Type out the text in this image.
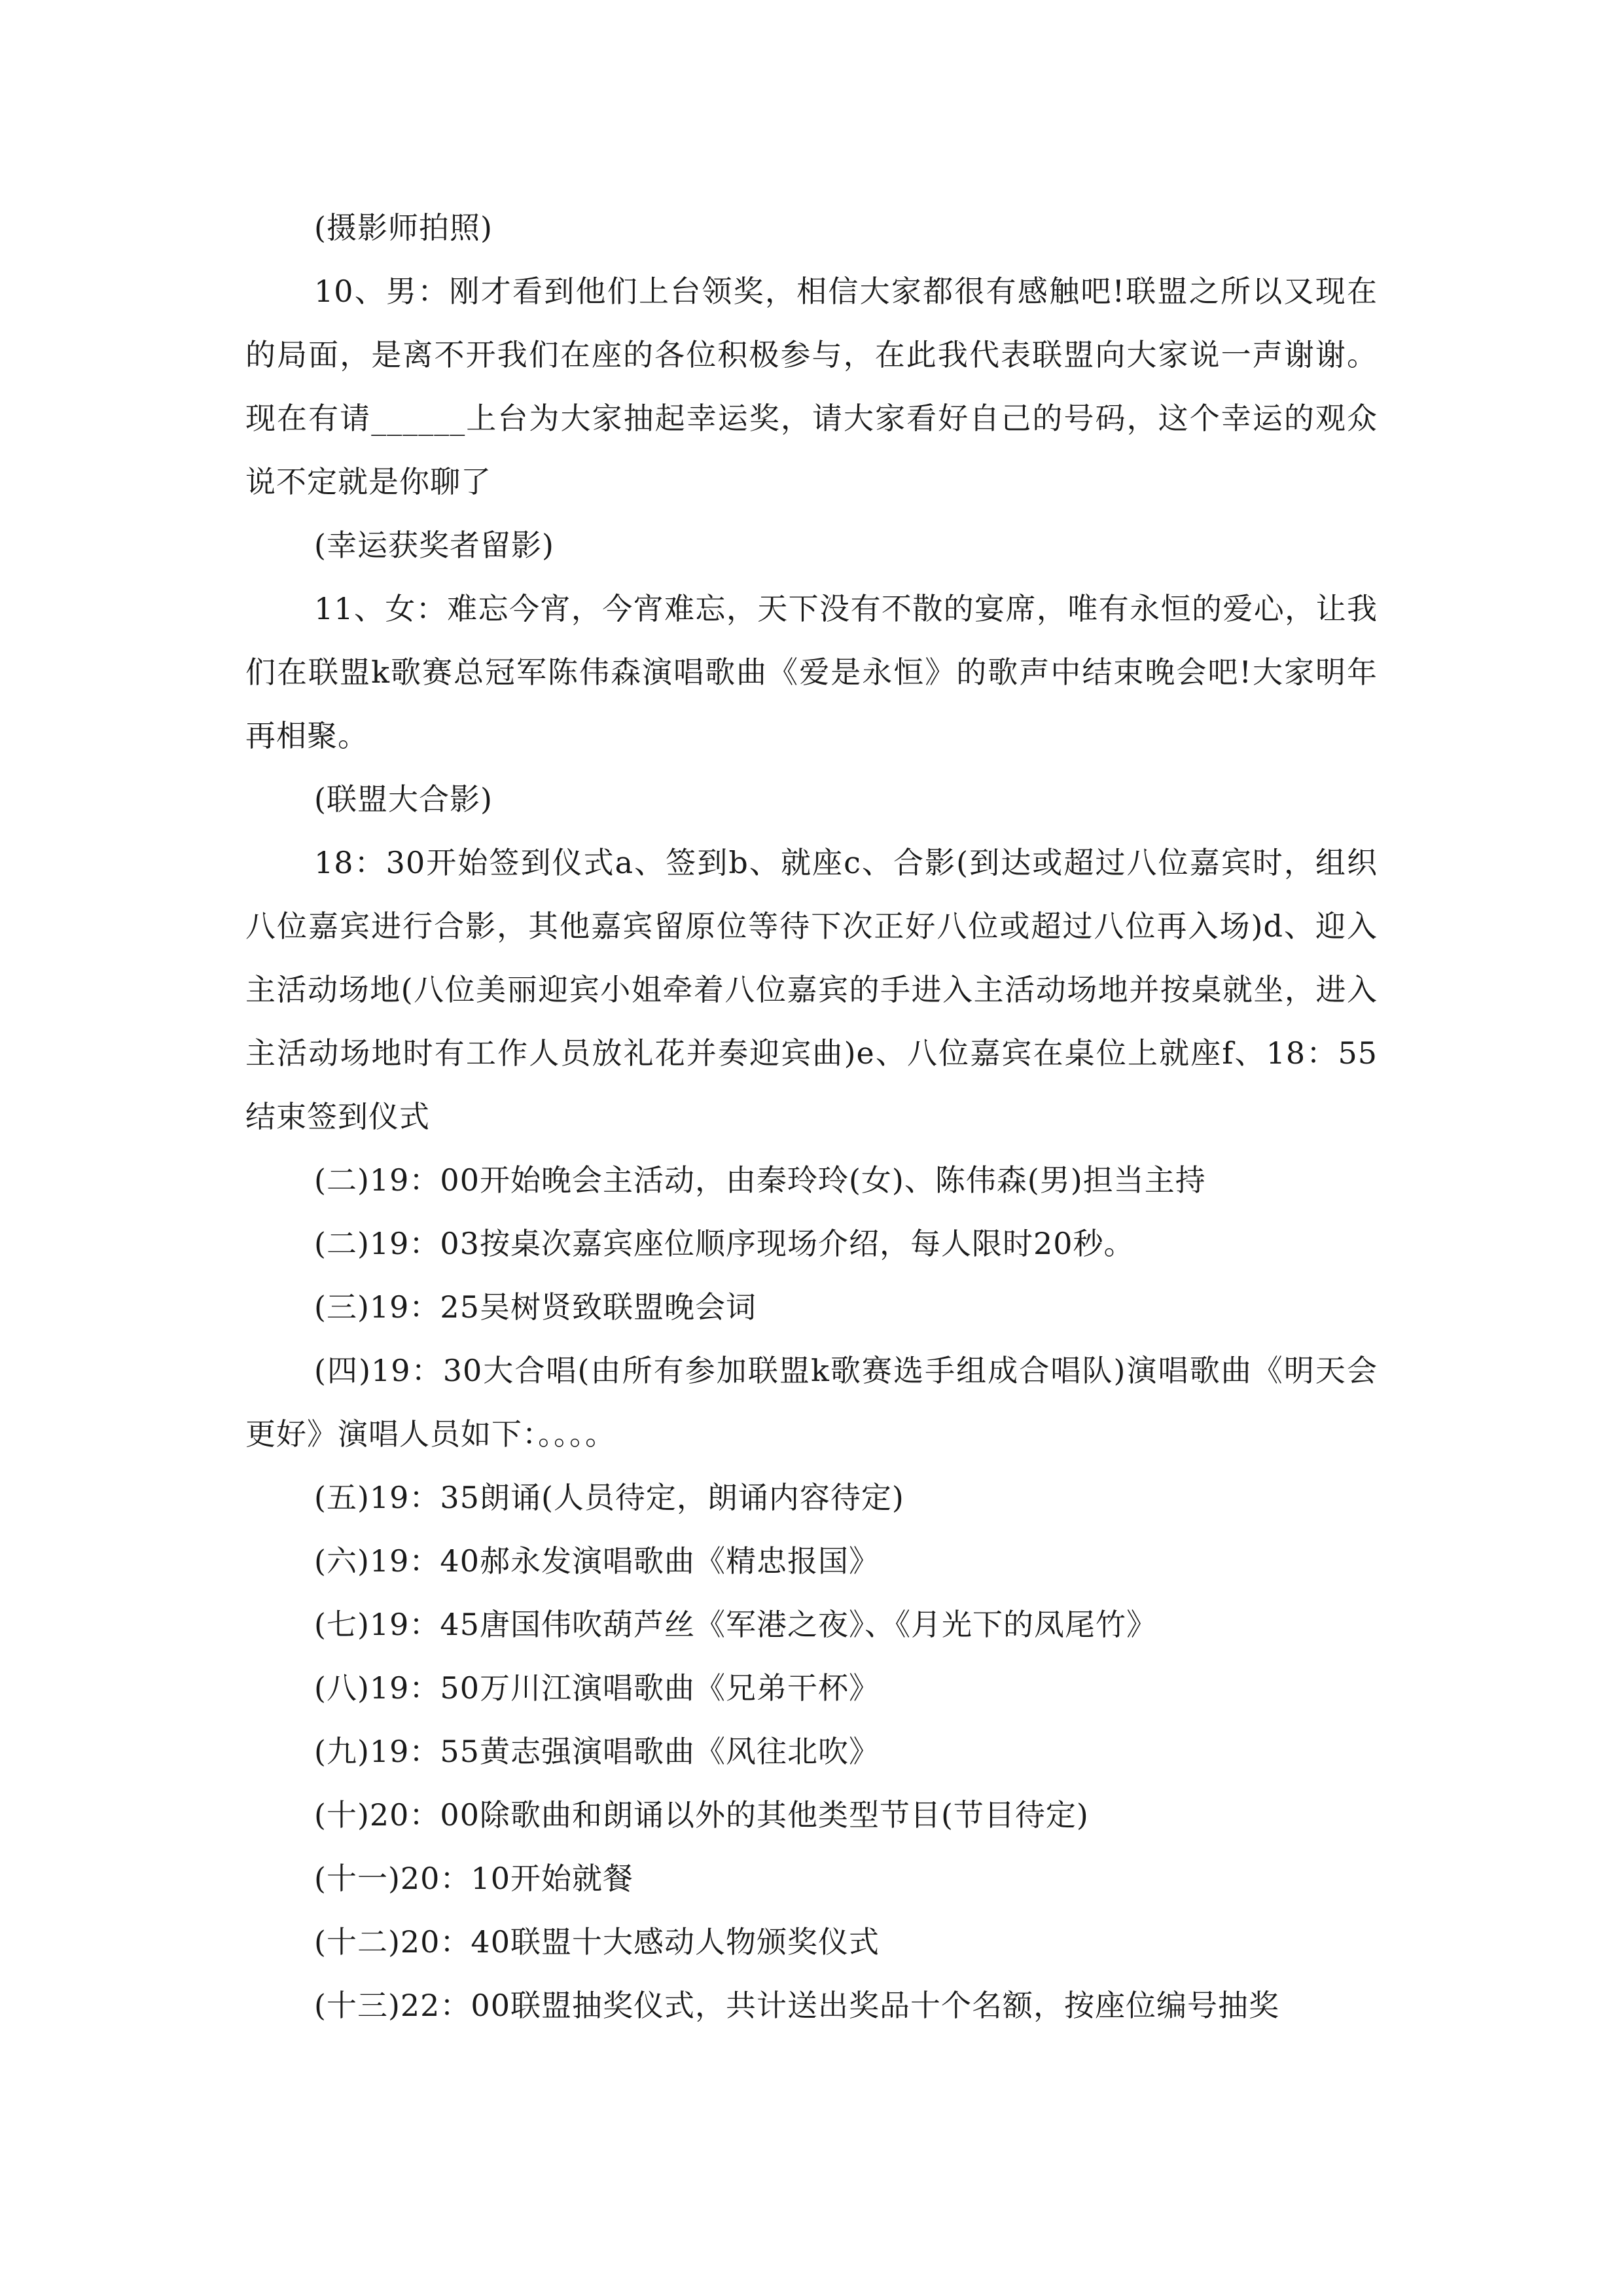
(摄影师拍照)

10、男：刚才看到他们上台领奖，相信大家都很有感触吧!联盟之所以又现在的局面，是离不开我们在座的各位积极参与，在此我代表联盟向大家说一声谢谢。现在有请______上台为大家抽起幸运奖，请大家看好自己的号码，这个幸运的观众说不定就是你聊了

(幸运获奖者留影)

11、女：难忘今宵，今宵难忘，天下没有不散的宴席，唯有永恒的爱心，让我们在联盟k歌赛总冠军陈伟森演唱歌曲《爱是永恒》的歌声中结束晚会吧!大家明年再相聚。

(联盟大合影)

18：30开始签到仪式a、签到b、就座c、合影(到达或超过八位嘉宾时，组织八位嘉宾进行合影，其他嘉宾留原位等待下次正好八位或超过八位再入场)d、迎入主活动场地(八位美丽迎宾小姐牵着八位嘉宾的手进入主活动场地并按桌就坐，进入主活动场地时有工作人员放礼花并奏迎宾曲)e、八位嘉宾在桌位上就座f、18：55结束签到仪式

(二)19：00开始晚会主活动，由秦玲玲(女)、陈伟森(男)担当主持

(二)19：03按桌次嘉宾座位顺序现场介绍，每人限时20秒。

(三)19：25吴树贤致联盟晚会词

(四)19：30大合唱(由所有参加联盟k歌赛选手组成合唱队)演唱歌曲《明天会更好》演唱人员如下：。。。。

(五)19：35朗诵(人员待定，朗诵内容待定)

(六)19：40郝永发演唱歌曲《精忠报国》

(七)19：45唐国伟吹葫芦丝《军港之夜》、《月光下的凤尾竹》

(八)19：50万川江演唱歌曲《兄弟干杯》

(九)19：55黄志强演唱歌曲《风往北吹》

(十)20：00除歌曲和朗诵以外的其他类型节目(节目待定)

(十一)20：10开始就餐

(十二)20：40联盟十大感动人物颁奖仪式

(十三)22：00联盟抽奖仪式，共计送出奖品十个名额，按座位编号抽奖
